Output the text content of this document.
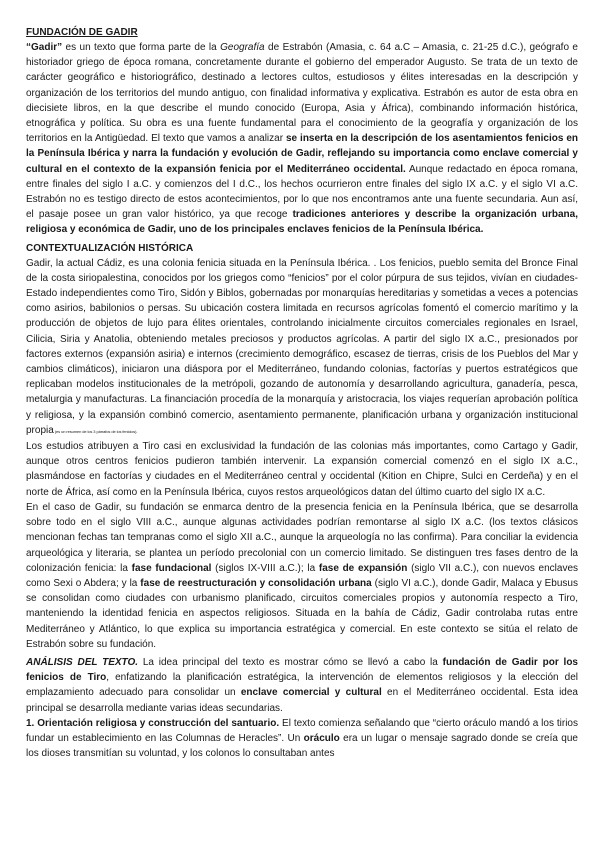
FUNDACIÓN DE GADIR

“Gadir” es un texto que forma parte de la Geografía de Estrabón (Amasia, c. 64 a.C – Amasia, c. 21-25 d.C.), geógrafo e historiador griego de época romana, concretamente durante el gobierno del emperador Augusto. Se trata de un texto de carácter geográfico e historiográfico, destinado a lectores cultos, estudiosos y élites interesadas en la descripción y organización de los territorios del mundo antiguo, con finalidad informativa y explicativa. Estrabón es autor de esta obra en diecisiete libros, en la que describe el mundo conocido (Europa, Asia y África), combinando información histórica, etnográfica y política. Su obra es una fuente fundamental para el conocimiento de la geografía y organización de los territorios en la Antigüedad. El texto que vamos a analizar se inserta en la descripción de los asentamientos fenicios en la Península Ibérica y narra la fundación y evolución de Gadir, reflejando su importancia como enclave comercial y cultural en el contexto de la expansión fenicia por el Mediterráneo occidental. Aunque redactado en época romana, entre finales del siglo I a.C. y comienzos del I d.C., los hechos ocurrieron entre finales del siglo IX a.C. y el siglo VI a.C. Estrabón no es testigo directo de estos acontecimientos, por lo que nos encontramos ante una fuente secundaria. Aun así, el pasaje posee un gran valor histórico, ya que recoge tradiciones anteriores y describe la organización urbana, religiosa y económica de Gadir, uno de los principales enclaves fenicios de la Península Ibérica.

CONTEXTUALIZACIÓN HISTÓRICA

Gadir, la actual Cádiz, es una colonia fenicia situada en la Península Ibérica. . Los fenicios, pueblo semita del Bronce Final de la costa siriopalestina, conocidos por los griegos como “fenicios” por el color púrpura de sus tejidos, vivían en ciudades-Estado independientes como Tiro, Sidón y Biblos, gobernadas por monarquías hereditarias y sometidas a veces a potencias como asirios, babilonios o persas. Su ubicación costera limitada en recursos agrícolas fomentó el comercio marítimo y la producción de objetos de lujo para élites orientales, controlando inicialmente circuitos comerciales regionales en Israel, Cilicia, Siria y Anatolia, obteniendo metales preciosos y productos agrícolas. A partir del siglo IX a.C., presionados por factores externos (expansión asiria) e internos (crecimiento demográfico, escasez de tierras, crisis de los Pueblos del Mar y cambios climáticos), iniciaron una diáspora por el Mediterráneo, fundando colonias, factorías y puertos estratégicos que replicaban modelos institucionales de la metrópoli, gozando de autonomía y desarrollando agricultura, ganadería, pesca, metalurgia y manufacturas. La financiación procedía de la monarquía y aristocracia, los viajes requerían aprobación política y religiosa, y la expansión combinó comercio, asentamiento permanente, planificación urbana y organización institucional propia (es un resumen de los 3 párrafos de los fenicios).

Los estudios atribuyen a Tiro casi en exclusividad la fundación de las colonias más importantes, como Cartago y Gadir, aunque otros centros fenicios pudieron también intervenir. La expansión comercial comenzó en el siglo IX a.C., plasmándose en factorías y ciudades en el Mediterráneo central y occidental (Kition en Chipre, Sulci en Cerdeña) y en el norte de África, así como en la Península Ibérica, cuyos restos arqueológicos datan del último cuarto del siglo IX a.C.

En el caso de Gadir, su fundación se enmarca dentro de la presencia fenicia en la Península Ibérica, que se desarrolla sobre todo en el siglo VIII a.C., aunque algunas actividades podrían remontarse al siglo IX a.C. (los textos clásicos mencionan fechas tan tempranas como el siglo XII a.C., aunque la arqueología no las confirma). Para conciliar la evidencia arqueológica y literaria, se plantea un período precolonial con un comercio limitado. Se distinguen tres fases dentro de la colonización fenicia: la fase fundacional (siglos IX-VIII a.C.); la fase de expansión (siglo VII a.C.), con nuevos enclaves como Sexi o Abdera; y la fase de reestructuración y consolidación urbana (siglo VI a.C.), donde Gadir, Malaca y Ebusus se consolidan como ciudades con urbanismo planificado, circuitos comerciales propios y autonomía respecto a Tiro, manteniendo la identidad fenicia en aspectos religiosos. Situada en la bahía de Cádiz, Gadir controlaba rutas entre Mediterráneo y Atlántico, lo que explica su importancia estratégica y comercial. En este contexto se sitúa el relato de Estrabón sobre su fundación.

ANÁLISIS DEL TEXTO. La idea principal del texto es mostrar cómo se llevó a cabo la fundación de Gadir por los fenicios de Tiro, enfatizando la planificación estratégica, la intervención de elementos religiosos y la elección del emplazamiento adecuado para consolidar un enclave comercial y cultural en el Mediterráneo occidental. Esta idea principal se desarrolla mediante varias ideas secundarias.

1. Orientación religiosa y construcción del santuario. El texto comienza señalando que “cierto oráculo mandó a los tirios fundar un establecimiento en las Columnas de Heracles”. Un oráculo era un lugar o mensaje sagrado donde se creía que los dioses transmitían su voluntad, y los colonos lo consultaban antes
